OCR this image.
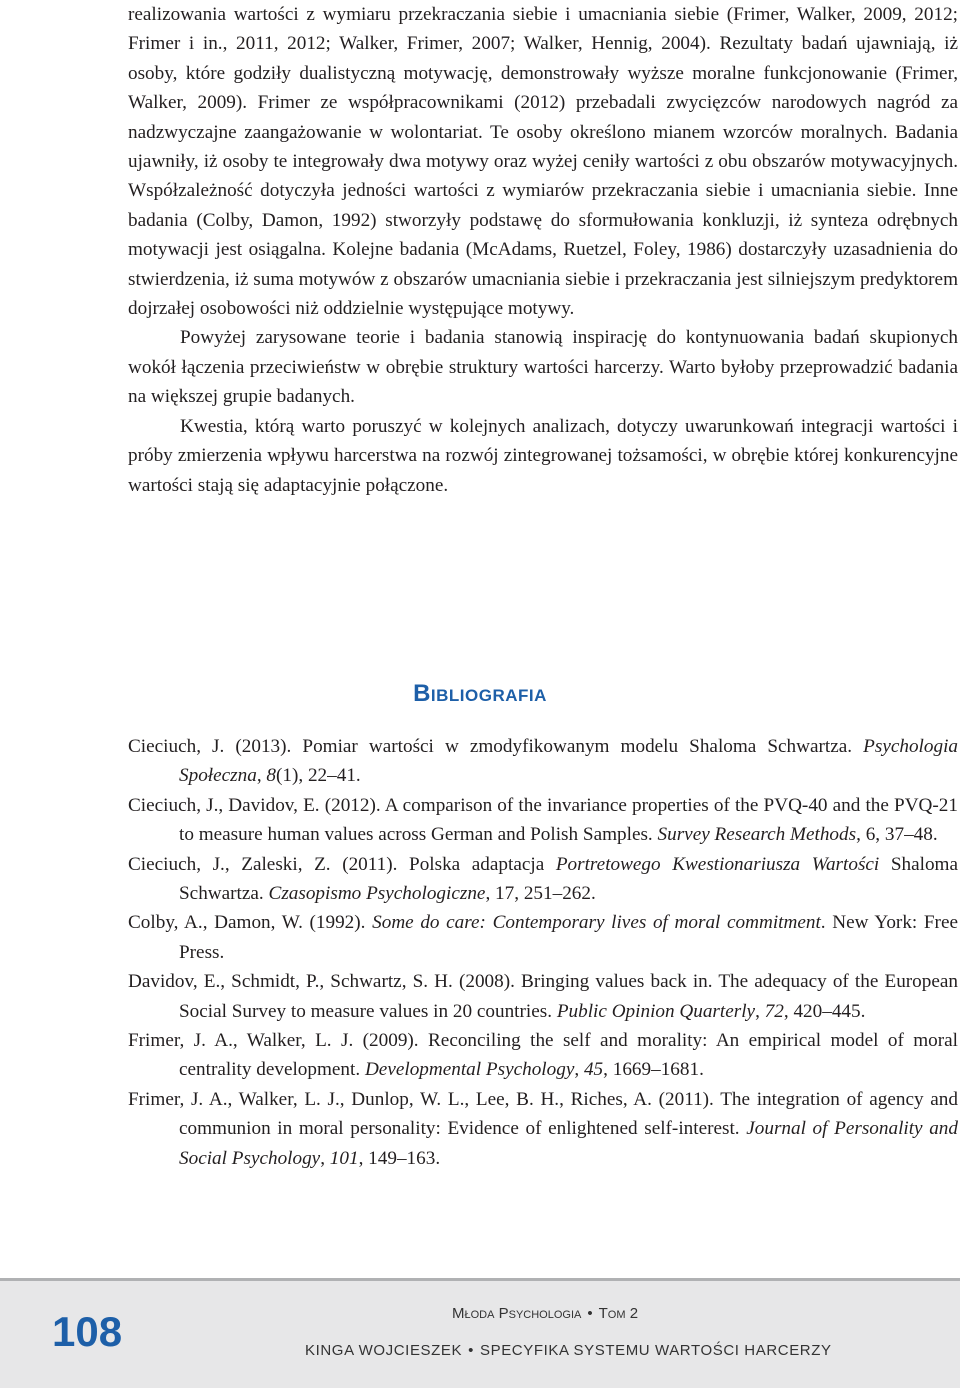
realizowania wartości z wymiaru przekraczania siebie i umacniania siebie (Frimer, Walker, 2009, 2012; Frimer i in., 2011, 2012; Walker, Frimer, 2007; Walker, Hennig, 2004). Rezultaty badań ujawniają, iż osoby, które godziły dualistyczną motywację, demonstrowały wyższe moralne funkcjonowanie (Frimer, Walker, 2009). Frimer ze współpracownikami (2012) przebadali zwycięzców narodowych nagród za nadzwyczajne zaangażowanie w wolontariat. Te osoby określono mianem wzorców moralnych. Badania ujawniły, iż osoby te integrowały dwa motywy oraz wyżej ceniły wartości z obu obszarów motywacyjnych. Współzależność dotyczyła jedności wartości z wymiarów przekraczania siebie i umacniania siebie. Inne badania (Colby, Damon, 1992) stworzyły podstawę do sformułowania konkluzji, iż synteza odrębnych motywacji jest osiągalna. Kolejne badania (McAdams, Ruetzel, Foley, 1986) dostarczyły uzasadnienia do stwierdzenia, iż suma motywów z obszarów umacniania siebie i przekraczania jest silniejszym predyktorem dojrzałej osobowości niż oddzielnie występujące motywy.

Powyżej zarysowane teorie i badania stanowią inspirację do kontynuowania badań skupionych wokół łączenia przeciwieństw w obrębie struktury wartości harcerzy. Warto byłoby przeprowadzić badania na większej grupie badanych.

Kwestia, którą warto poruszyć w kolejnych analizach, dotyczy uwarunkowań integracji wartości i próby zmierzenia wpływu harcerstwa na rozwój zintegrowanej tożsamości, w obrębie której konkurencyjne wartości stają się adaptacyjnie połączone.

Bibliografia

Cieciuch, J. (2013). Pomiar wartości w zmodyfikowanym modelu Shaloma Schwartza. Psychologia Społeczna, 8(1), 22–41.

Cieciuch, J., Davidov, E. (2012). A comparison of the invariance properties of the PVQ-40 and the PVQ-21 to measure human values across German and Polish Samples. Survey Research Methods, 6, 37–48.

Cieciuch, J., Zaleski, Z. (2011). Polska adaptacja Portretowego Kwestionariusza Wartości Shaloma Schwartza. Czasopismo Psychologiczne, 17, 251–262.

Colby, A., Damon, W. (1992). Some do care: Contemporary lives of moral commitment. New York: Free Press.

Davidov, E., Schmidt, P., Schwartz, S. H. (2008). Bringing values back in. The adequacy of the European Social Survey to measure values in 20 countries. Public Opinion Quarterly, 72, 420–445.

Frimer, J. A., Walker, L. J. (2009). Reconciling the self and morality: An empirical model of moral centrality development. Developmental Psychology, 45, 1669–1681.

Frimer, J. A., Walker, L. J., Dunlop, W. L., Lee, B. H., Riches, A. (2011). The integration of agency and communion in moral personality: Evidence of enlightened self-interest. Journal of Personality and Social Psychology, 101, 149–163.

108	Młoda Psychologia • Tom 2
KINGA WOJCIESZEK • SPECYFIKA SYSTEMU WARTOŚCI HARCERZY
